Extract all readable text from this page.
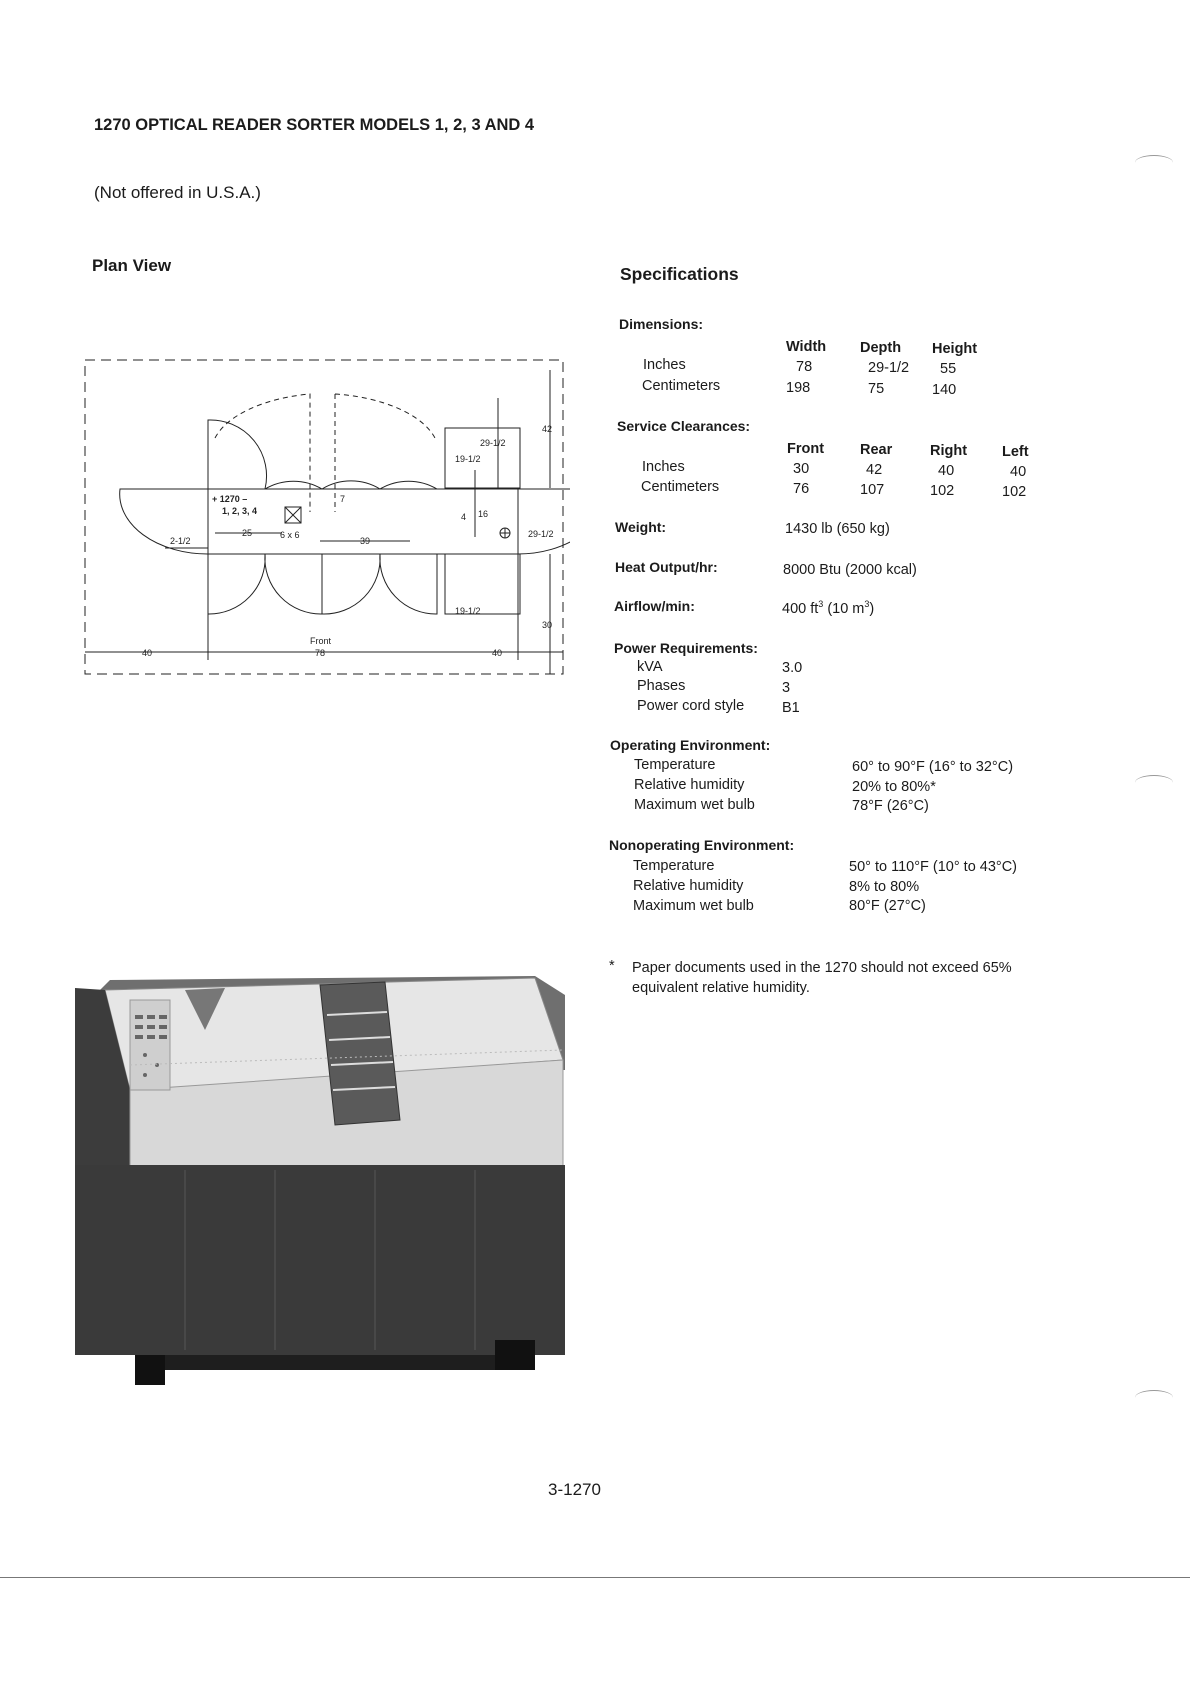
1270 OPTICAL READER SORTER MODELS 1, 2, 3 AND 4
(Not offered in U.S.A.)
Plan View
+ 1270 –
1, 2, 3, 4
25
39
6 x 6
2-1/2
7
4 16
29-1/2
19-1/2
42
29-1/2
19-1/2
30
Front
40	78	40
Specifications
Dimensions:
Width Depth Height
Inches	78	29-1/2 55
Centimeters	198	75	140
Service Clearances:
Front Rear	Right Left
Inches	30	42	40	40
Centimeters	76	107	102	102
Weight:	1430 lb (650 kg)
Heat Output/hr:	8000 Btu (2000 kcal)
Airflow/min:	400 $ft^3$ (10 $m^3$)
Power Requirements:
kVA	3.0
Phases	3
Power cord style	B1
Operating Environment:
Temperature	60° to 90°F (16° to 32°C)
Relative humidity	20% to 80%*
Maximum wet bulb	78°F (26°C)
Nonoperating Environment:
Temperature	50° to 110°F (10° to 43°C)
Relative humidity	8% to 80%
Maximum wet bulb	80°F (27°C)
* Paper documents used in the 1270 should not exceed 65% equivalent relative humidity.
3-1270
